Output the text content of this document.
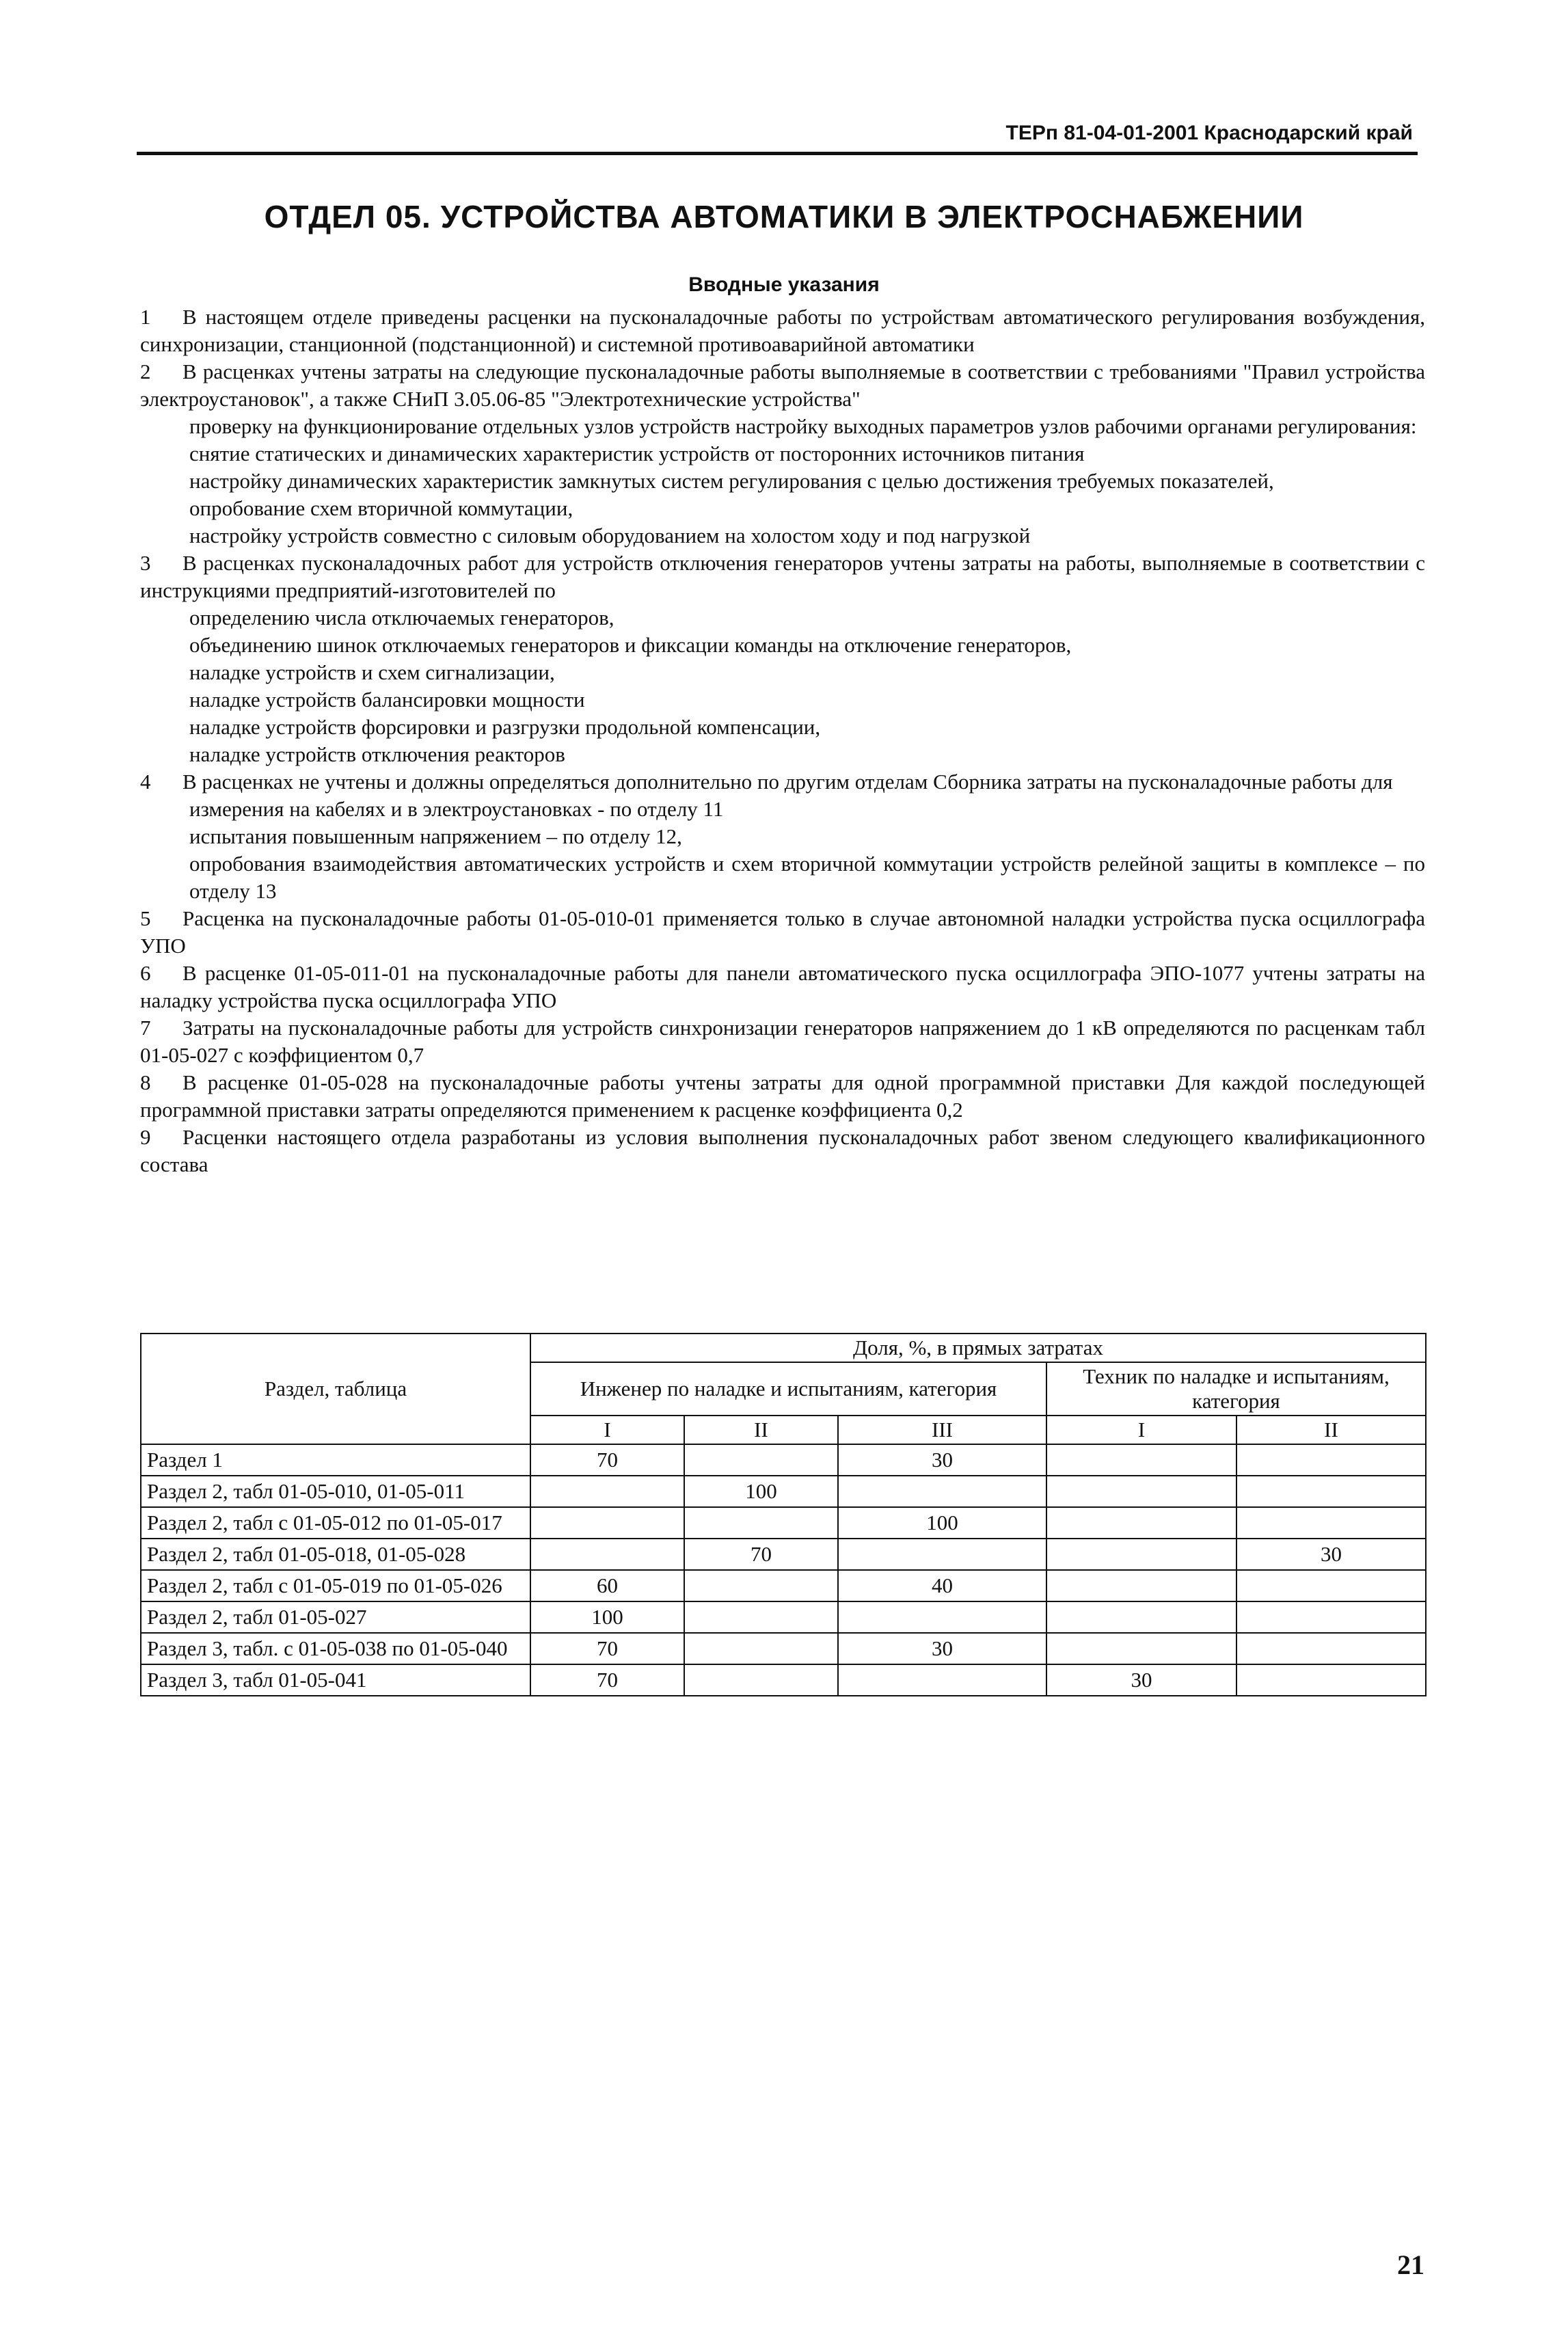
ТЕРп 81-04-01-2001 Краснодарский край
ОТДЕЛ 05. УСТРОЙСТВА АВТОМАТИКИ В ЭЛЕКТРОСНАБЖЕНИИ
Вводные указания

1 В настоящем отделе приведены расценки на пусконаладочные работы по устройствам автоматического регулирования возбуждения, синхронизации, станционной (подстанционной) и системной противоаварийной автоматики

2 В расценках учтены затраты на следующие пусконаладочные работы выполняемые в соответствии с требованиями "Правил устройства электроустановок", а также СНиП 3.05.06-85 "Электротехнические устройства"

проверку на функционирование отдельных узлов устройств настройку выходных параметров узлов рабочими органами регулирования:

снятие статических и динамических характеристик устройств от посторонних источников питания

настройку динамических характеристик замкнутых систем регулирования с целью достижения требуемых показателей,

опробование схем вторичной коммутации,

настройку устройств совместно с силовым оборудованием на холостом ходу и под нагрузкой

3 В расценках пусконаладочных работ для устройств отключения генераторов учтены затраты на работы, выполняемые в соответствии с инструкциями предприятий-изготовителей по

определению числа отключаемых генераторов,

объединению шинок отключаемых генераторов и фиксации команды на отключение генераторов,

наладке устройств и схем сигнализации,

наладке устройств балансировки мощности

наладке устройств форсировки и разгрузки продольной компенсации,

наладке устройств отключения реакторов

4 В расценках не учтены и должны определяться дополнительно по другим отделам Сборника затраты на пусконаладочные работы для

измерения на кабелях и в электроустановках - по отделу 11

испытания повышенным напряжением – по отделу 12,

опробования взаимодействия автоматических устройств и схем вторичной коммутации устройств релейной защиты в комплексе – по отделу 13

5 Расценка на пусконаладочные работы 01-05-010-01 применяется только в случае автономной наладки устройства пуска осциллографа УПО

6 В расценке 01-05-011-01 на пусконаладочные работы для панели автоматического пуска осциллографа ЭПО-1077 учтены затраты на наладку устройства пуска осциллографа УПО

7 Затраты на пусконаладочные работы для устройств синхронизации генераторов напряжением до 1 кВ определяются по расценкам табл 01-05-027 с коэффициентом 0,7

8 В расценке 01-05-028 на пусконаладочные работы учтены затраты для одной программной приставки Для каждой последующей программной приставки затраты определяются применением к расценке коэффициента 0,2

9 Расценки настоящего отдела разработаны из условия выполнения пусконаладочных работ звеном следующего квалификационного состава

Раздел, таблица	Доля, %, в прямых затратах				
	Инженер по наладке и испытаниям, категория			Техник по наладке и испытаниям, категория	
	I	II	III	I	II
Раздел 1	70		30		
Раздел 2, табл 01-05-010, 01-05-011		100			
Раздел 2, табл с 01-05-012 по 01-05-017			100		
Раздел 2, табл 01-05-018, 01-05-028		70			30
Раздел 2, табл с 01-05-019 по 01-05-026	60		40		
Раздел 2, табл 01-05-027	100				
Раздел 3, табл. с 01-05-038 по 01-05-040	70		30		
Раздел 3, табл 01-05-041	70			30	
21
